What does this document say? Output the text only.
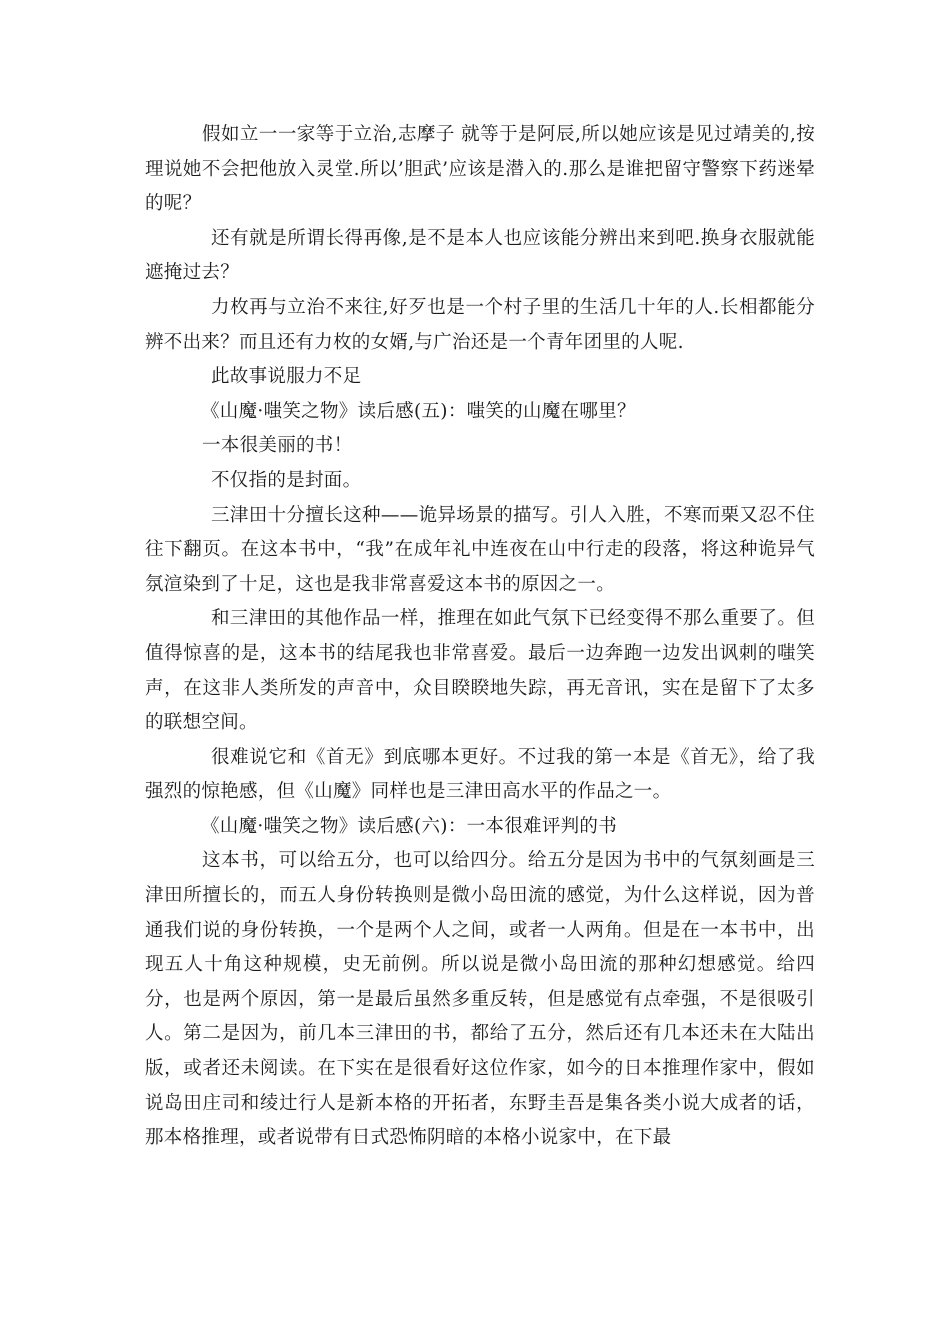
假如立一一家等于立治,志摩子 就等于是阿辰,所以她应该是见过靖美的,按理说她不会把他放入灵堂.所以’胆武’应该是潜入的.那么是谁把留守警察下药迷晕的呢？

还有就是所谓长得再像,是不是本人也应该能分辨出来到吧.换身衣服就能遮掩过去？

力枚再与立治不来往,好歹也是一个村子里的生活几十年的人.长相都能分辨不出来？而且还有力枚的女婿,与广治还是一个青年团里的人呢.

此故事说服力不足

《山魔·嗤笑之物》读后感(五)：嗤笑的山魔在哪里？

一本很美丽的书！

不仅指的是封面。

三津田十分擅长这种——诡异场景的描写。引人入胜，不寒而栗又忍不住往下翻页。在这本书中，“我”在成年礼中连夜在山中行走的段落，将这种诡异气氛渲染到了十足，这也是我非常喜爱这本书的原因之一。

和三津田的其他作品一样，推理在如此气氛下已经变得不那么重要了。但值得惊喜的是，这本书的结尾我也非常喜爱。最后一边奔跑一边发出讽刺的嗤笑声，在这非人类所发的声音中，众目睽睽地失踪，再无音讯，实在是留下了太多的联想空间。

很难说它和《首无》到底哪本更好。不过我的第一本是《首无》，给了我强烈的惊艳感，但《山魔》同样也是三津田高水平的作品之一。

《山魔·嗤笑之物》读后感(六)：一本很难评判的书

这本书，可以给五分，也可以给四分。给五分是因为书中的气氛刻画是三津田所擅长的，而五人身份转换则是微小岛田流的感觉，为什么这样说，因为普通我们说的身份转换，一个是两个人之间，或者一人两角。但是在一本书中，出现五人十角这种规模，史无前例。所以说是微小岛田流的那种幻想感觉。给四分，也是两个原因，第一是最后虽然多重反转，但是感觉有点牵强，不是很吸引人。第二是因为，前几本三津田的书，都给了五分，然后还有几本还未在大陆出版，或者还未阅读。在下实在是很看好这位作家，如今的日本推理作家中，假如说岛田庄司和绫辻行人是新本格的开拓者，东野圭吾是集各类小说大成者的话，那本格推理，或者说带有日式恐怖阴暗的本格小说家中，在下最
